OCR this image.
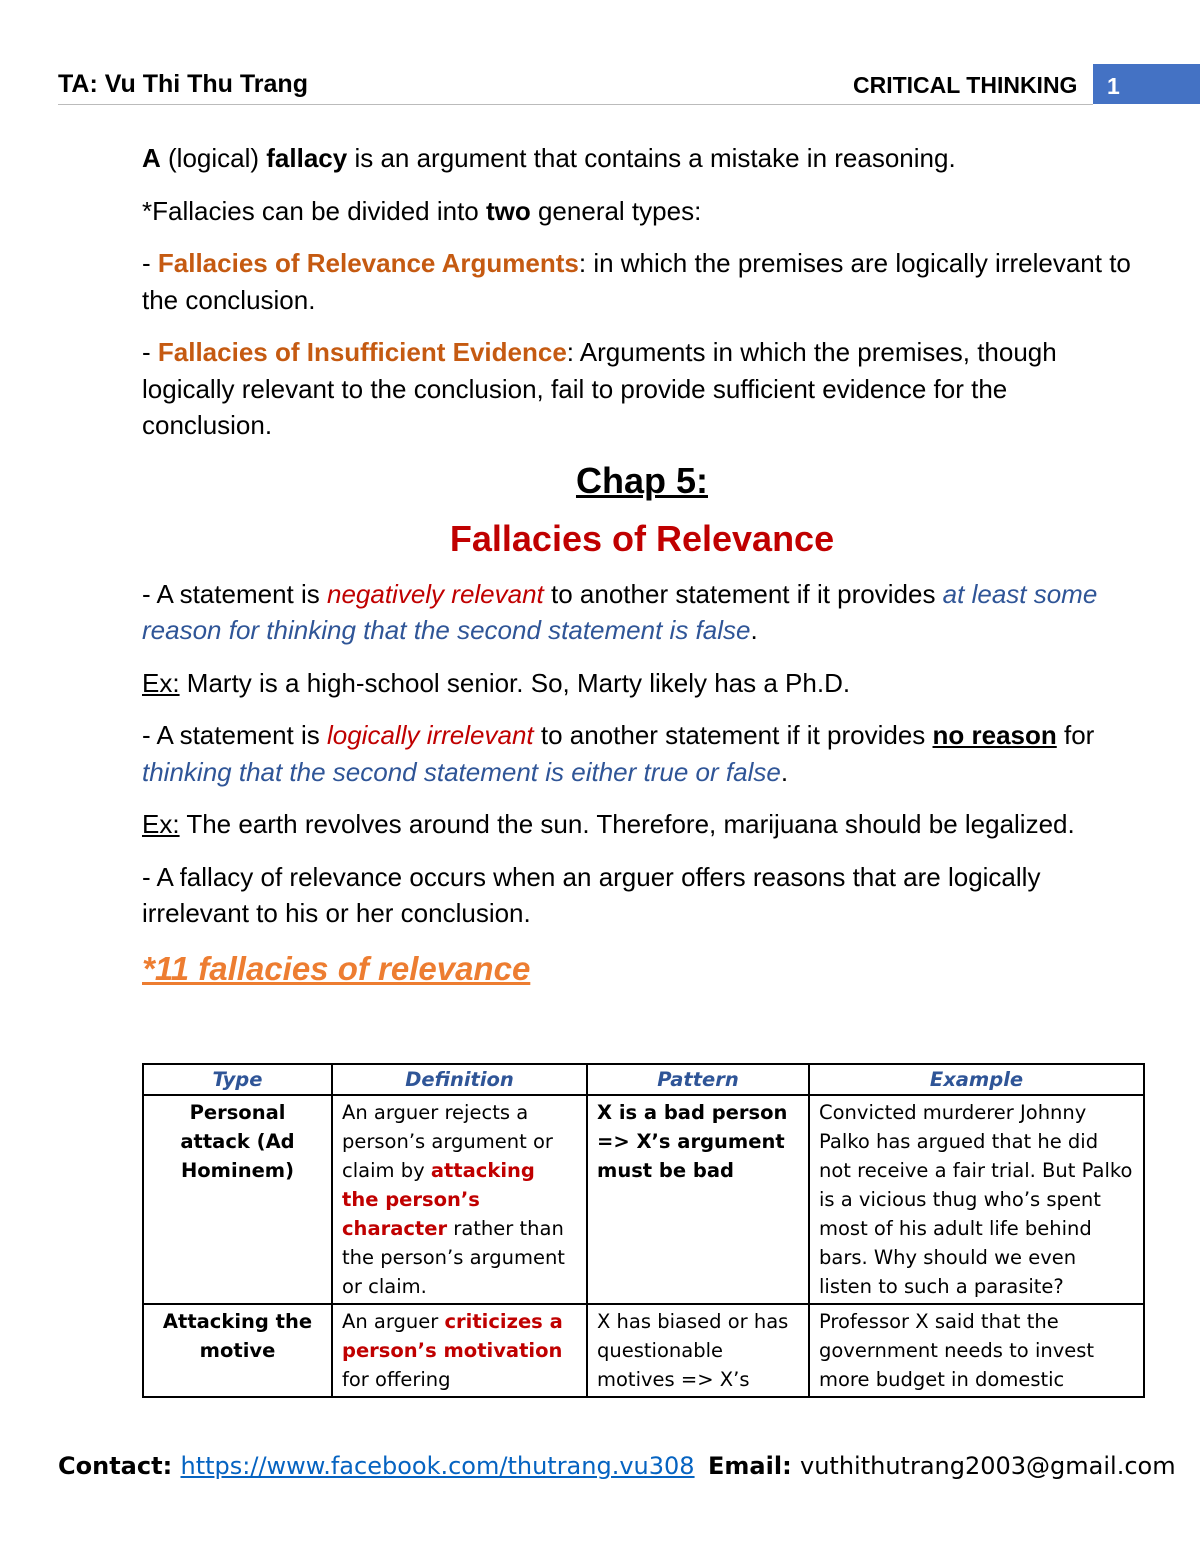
TA: Vu Thi Thu Trang	CRITICAL THINKING	1

A (logical) fallacy is an argument that contains a mistake in reasoning.

*Fallacies can be divided into two general types:

- Fallacies of Relevance Arguments: in which the premises are logically irrelevant to the conclusion.

- Fallacies of Insufficient Evidence: Arguments in which the premises, though logically relevant to the conclusion, fail to provide sufficient evidence for the conclusion.

Chap 5:
Fallacies of Relevance

- A statement is negatively relevant to another statement if it provides at least some reason for thinking that the second statement is false.

Ex: Marty is a high-school senior. So, Marty likely has a Ph.D.

- A statement is logically irrelevant to another statement if it provides no reason for thinking that the second statement is either true or false.

Ex: The earth revolves around the sun. Therefore, marijuana should be legalized.

- A fallacy of relevance occurs when an arguer offers reasons that are logically irrelevant to his or her conclusion.

*11 fallacies of relevance
Type	Definition	Pattern	Example
Personal attack (Ad Hominem)	An arguer rejects a person’s argument or claim by attacking the person’s character rather than the person’s argument or claim.	X is a bad person => X’s argument must be bad	Convicted murderer Johnny Palko has argued that he did not receive a fair trial. But Palko is a vicious thug who’s spent most of his adult life behind bars. Why should we even listen to such a parasite?
Attacking the motive	An arguer criticizes a person’s motivation for offering	X has biased or has questionable motives => X’s	Professor X said that the government needs to invest more budget in domestic
Contact: https://www.facebook.com/thutrang.vu308 Email: vuthithutrang2003@gmail.com
